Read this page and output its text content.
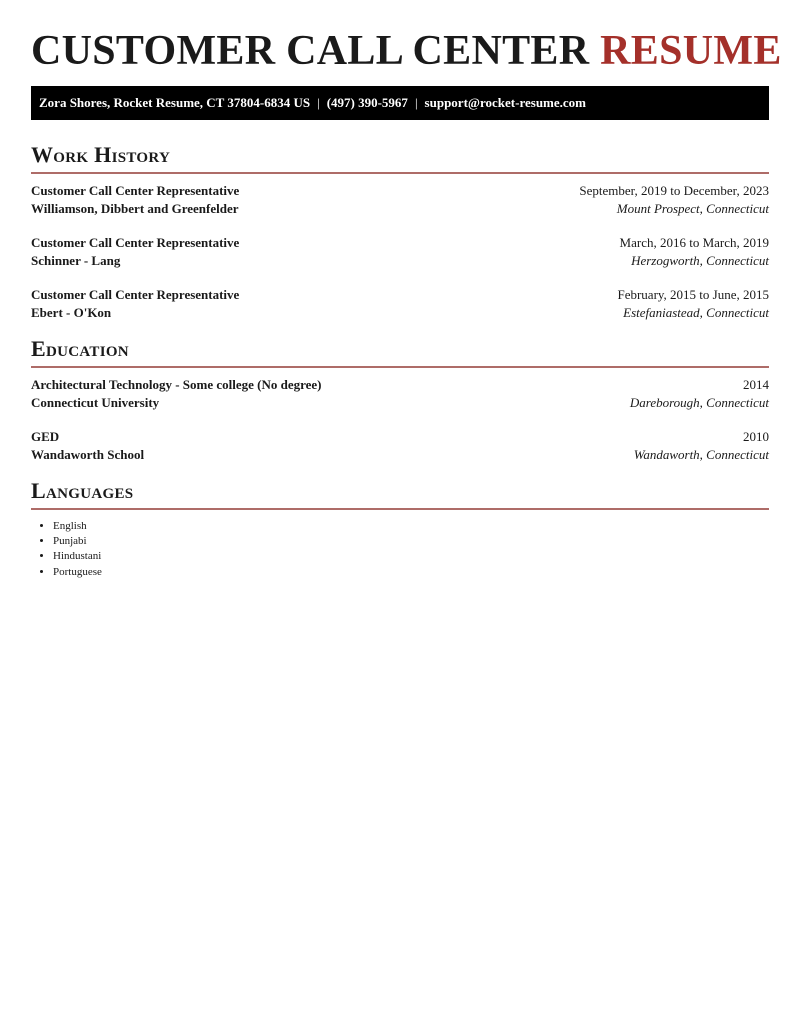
CUSTOMER CALL CENTER RESUME
Zora Shores, Rocket Resume, CT 37804-6834 US | (497) 390-5967 | support@rocket-resume.com
Work History
Customer Call Center Representative	September, 2019 to December, 2023
Williamson, Dibbert and Greenfelder	Mount Prospect, Connecticut
Customer Call Center Representative	March, 2016 to March, 2019
Schinner - Lang	Herzogworth, Connecticut
Customer Call Center Representative	February, 2015 to June, 2015
Ebert - O'Kon	Estefaniastead, Connecticut
Education
Architectural Technology - Some college (No degree)	2014
Connecticut University	Dareborough, Connecticut
GED	2010
Wandaworth School	Wandaworth, Connecticut
Languages
• English
• Punjabi
• Hindustani
• Portuguese
